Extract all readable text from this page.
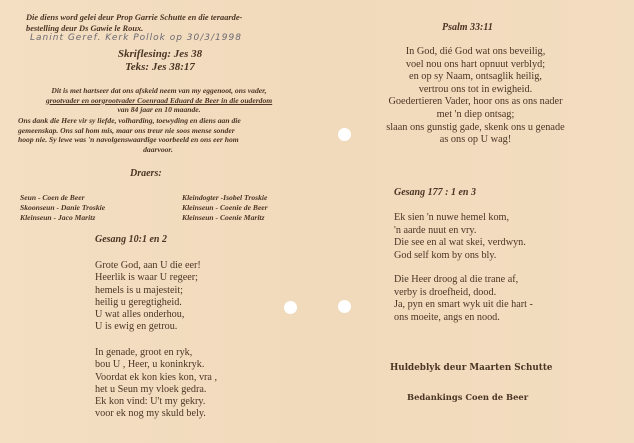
Die diens word gelei deur Prop Garrie Schutte en die teraarde-
bestelling deur Ds Gawie le Roux.
Lanint Geref. Kerk Pollok op 30/3/1998
Skriflesing: Jes 38
Teks: Jes 38:17
Dit is met hartseer dat ons afskeid neem van my eggenoot, ons vader,
grootvader en oorgrootvader Coenraad Eduard de Beer in die ouderdom
van 84 jaar en 10 maande.
Ons dank die Here vir sy liefde, volharding, toewyding en diens aan die
gemeenskap. Ons sal hom mis, maar ons treur nie soos mense sonder
hoop nie. Sy lewe was 'n navolgenswaardige voorbeeld en ons eer hom
daarvoor.
Draers:
Seun - Coen de Beer
Skoonseun - Danie Troskie
Kleinseun - Jaco Maritz
Kleindogter -Isobel Troskie
Kleinseun - Coenie de Beer
Kleinseun - Coenie Maritz
Gesang 10:1 en 2
Grote God, aan U die eer!
Heerlik is waar U regeer;
hemels is u majesteit;
heilig u geregtigheid.
U wat alles onderhou,
U is ewig en getrou.
In genade, groot en ryk,
bou U , Heer, u koninkryk.
Voordat ek kon kies kon, vra ,
het u Seun my vloek gedra.
Ek kon vind: U't my gekry.
voor ek nog my skuld bely.
Psalm 33:11
In God, dié God wat ons beveilig,
voel nou ons hart opnuut verblyd;
en op sy Naam, ontsaglik heilig,
vertrou ons tot in ewigheid.
Goedertieren Vader, hoor ons as ons nader
met 'n diep ontsag;
slaan ons gunstig gade, skenk ons u genade
as ons op U wag!
Gesang 177 : 1 en 3
Ek sien 'n nuwe hemel kom,
'n aarde nuut en vry.
Die see en al wat skei, verdwyn.
God self kom by ons bly.
Die Heer droog al die trane af,
verby is droefheid, dood.
Ja, pyn en smart wyk uit die hart -
ons moeite, angs en nood.
Huldeblyk deur Maarten Schutte
Bedankings Coen de Beer
